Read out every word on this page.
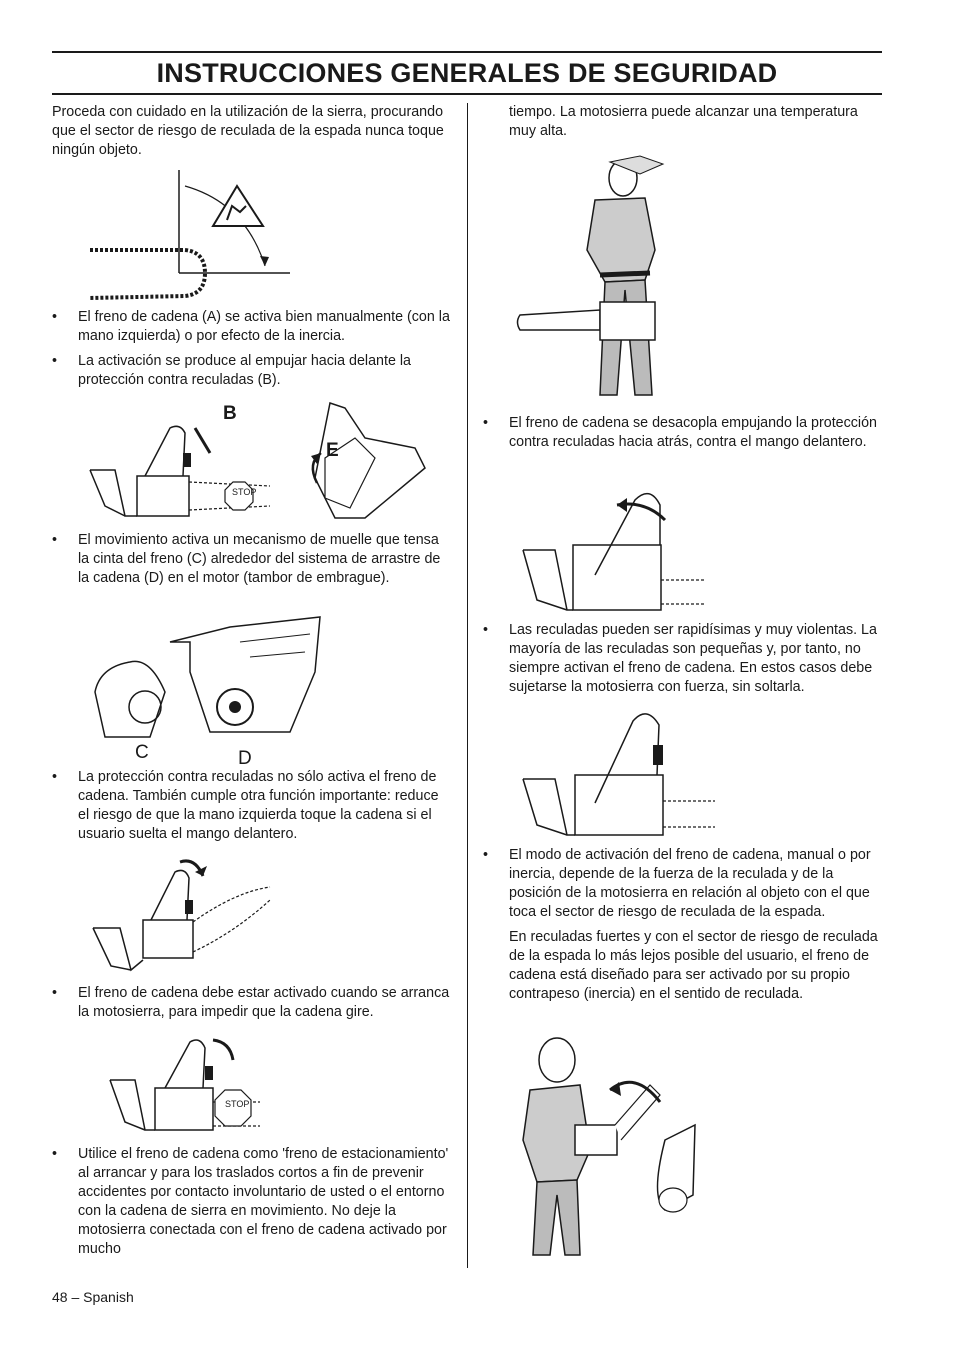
INSTRUCCIONES GENERALES DE SEGURIDAD

Proceda con cuidado en la utilización de la sierra, procurando que el sector de riesgo de reculada de la espada nunca toque ningún objeto.

• El freno de cadena (A) se activa bien manualmente (con la mano izquierda) o por efecto de la inercia.

• La activación se produce al empujar hacia delante la protección contra reculadas (B).

B
E
STOP

• El movimiento activa un mecanismo de muelle que tensa la cinta del freno (C) alrededor del sistema de arrastre de la cadena (D) en el motor (tambor de embrague).

C	D

• La protección contra reculadas no sólo activa el freno de cadena. También cumple otra función importante: reduce el riesgo de que la mano izquierda toque la cadena si el usuario suelta el mango delantero.

• El freno de cadena debe estar activado cuando se arranca la motosierra, para impedir que la cadena gire.

STOP

• Utilice el freno de cadena como 'freno de estacionamiento' al arrancar y para los traslados cortos a fin de prevenir accidentes por contacto involuntario de usted o el entorno con la cadena de sierra en movimiento. No deje la motosierra conectada con el freno de cadena activado por mucho

tiempo. La motosierra puede alcanzar una temperatura muy alta.

• El freno de cadena se desacopla empujando la protección contra reculadas hacia atrás, contra el mango delantero.

• Las reculadas pueden ser rapidísimas y muy violentas. La mayoría de las reculadas son pequeñas y, por tanto, no siempre activan el freno de cadena. En estos casos debe sujetarse la motosierra con fuerza, sin soltarla.

• El modo de activación del freno de cadena, manual o por inercia, depende de la fuerza de la reculada y de la posición de la motosierra en relación al objeto con el que toca el sector de riesgo de reculada de la espada.

En reculadas fuertes y con el sector de riesgo de reculada de la espada lo más lejos posible del usuario, el freno de cadena está diseñado para ser activado por su propio contrapeso (inercia) en el sentido de reculada.

48 – Spanish
